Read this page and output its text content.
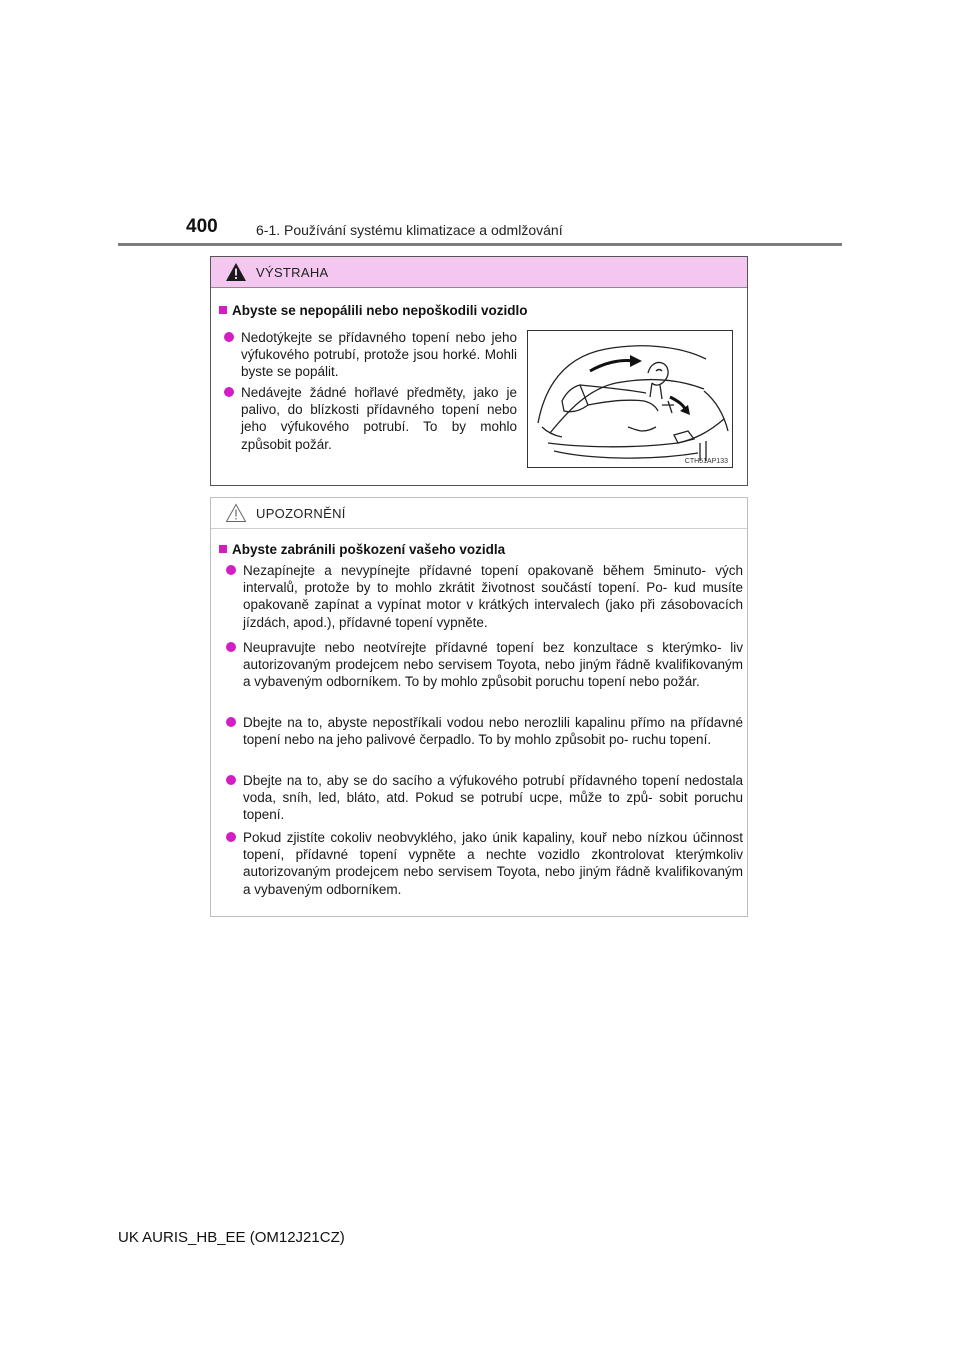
400	6-1. Používání systému klimatizace a odmlžování
VÝSTRAHA
Abyste se nepopálili nebo nepoškodili vozidlo
Nedotýkejte se přídavného topení nebo jeho výfukového potrubí, protože jsou horké. Mohli byste se popálit.
Nedávejte žádné hořlavé předměty, jako je palivo, do blízkosti přídavného topení nebo jeho výfukového potrubí. To by mohlo způsobit požár.
CTH51AP133
UPOZORNĚNÍ
Abyste zabránili poškození vašeho vozidla
Nezapínejte a nevypínejte přídavné topení opakovaně během 5minuto- vých intervalů, protože by to mohlo zkrátit životnost součástí topení. Po- kud musíte opakovaně zapínat a vypínat motor v krátkých intervalech (jako při zásobovacích jízdách, apod.), přídavné topení vypněte.
Neupravujte nebo neotvírejte přídavné topení bez konzultace s kterýmko- liv autorizovaným prodejcem nebo servisem Toyota, nebo jiným řádně kvalifikovaným a vybaveným odborníkem. To by mohlo způsobit poruchu topení nebo požár.
Dbejte na to, abyste nepostříkali vodou nebo nerozlili kapalinu přímo na přídavné topení nebo na jeho palivové čerpadlo. To by mohlo způsobit po- ruchu topení.
Dbejte na to, aby se do sacího a výfukového potrubí přídavného topení nedostala voda, sníh, led, bláto, atd. Pokud se potrubí ucpe, může to způ- sobit poruchu topení.
Pokud zjistíte cokoliv neobvyklého, jako únik kapaliny, kouř nebo nízkou účinnost topení, přídavné topení vypněte a nechte vozidlo zkontrolovat kterýmkoliv autorizovaným prodejcem nebo servisem Toyota, nebo jiným řádně kvalifikovaným a vybaveným odborníkem.
UK AURIS_HB_EE (OM12J21CZ)
